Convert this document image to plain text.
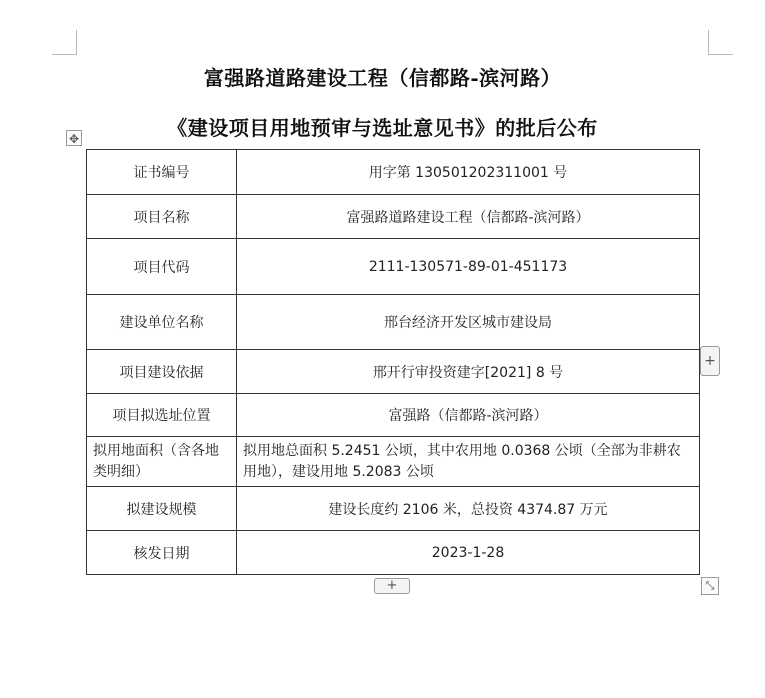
富强路道路建设工程（信都路-滨河路）
《建设项目用地预审与选址意见书》的批后公布
✥
证书编号	用字第 130501202311001 号
项目名称	富强路道路建设工程（信都路-滨河路）
项目代码	2111-130571-89-01-451173
建设单位名称	邢台经济开发区城市建设局
项目建设依据	邢开行审投资建字[2021] 8 号
项目拟选址位置	富强路（信都路-滨河路）
拟用地面积（含各地类明细）	拟用地总面积 5.2451 公顷，其中农用地 0.0368 公顷（全部为非耕农用地），建设用地 5.2083 公顷
拟建设规模	建设长度约 2106 米，总投资 4374.87 万元
核发日期	2023-1-28
+
+	⤡
